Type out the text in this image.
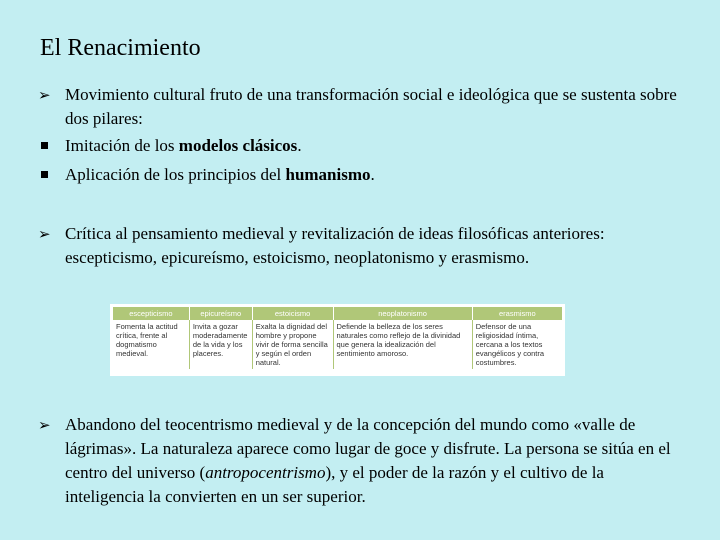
El Renacimiento
➢ Movimiento cultural fruto de una transformación social e ideológica que se sustenta sobre dos pilares:
Imitación de los modelos clásicos.
Aplicación de los principios del humanismo.
➢ Crítica al pensamiento medieval y revitalización de ideas filosóficas anteriores: escepticismo, epicureísmo, estoicismo, neoplatonismo y erasmismo.
escepticismo	epicureísmo	estoicismo	neoplatonismo	erasmismo
Fomenta la actitud crítica, frente al dogmatismo medieval.	Invita a gozar moderadamente de la vida y los placeres.	Exalta la dignidad del hombre y propone vivir de forma sencilla y según el orden natural.	Defiende la belleza de los seres naturales como reflejo de la divinidad que genera la idealización del sentimiento amoroso.	Defensor de una religiosidad íntima, cercana a los textos evangélicos y contra costumbres.
➢ Abandono del teocentrismo medieval y de la concepción del mundo como «valle de lágrimas». La naturaleza aparece como lugar de goce y disfrute. La persona se sitúa en el centro del universo (antropocentrismo), y el poder de la razón y el cultivo de la inteligencia la convierten en un ser superior.
